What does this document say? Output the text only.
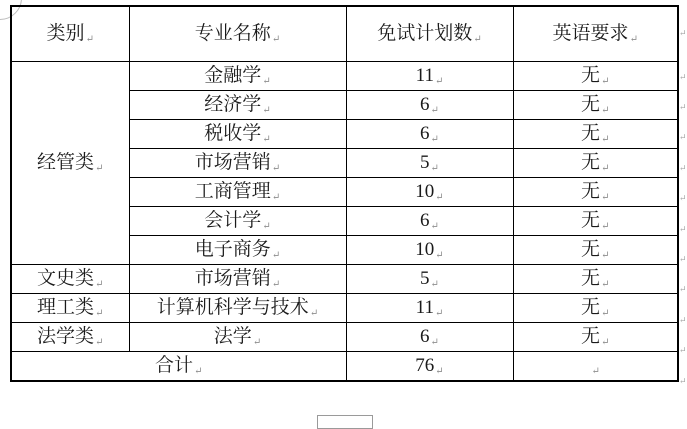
类别↵	专业名称↵	免试计划数↵	英语要求↵
经管类↵	金融学↵	11↵	无↵
	经济学↵	6↵	无↵
	税收学↵	6↵	无↵
	市场营销↵	5↵	无↵
	工商管理↵	10↵	无↵
	会计学↵	6↵	无↵
	电子商务↵	10↵	无↵
文史类↵	市场营销↵	5↵	无↵
理工类↵	计算机科学与技术↵	11↵	无↵
法学类↵	法学↵	6↵	无↵
合计↵		76↵	↵
↵
↵
↵
↵
↵
↵
↵
↵
↵
↵
↵
↵
